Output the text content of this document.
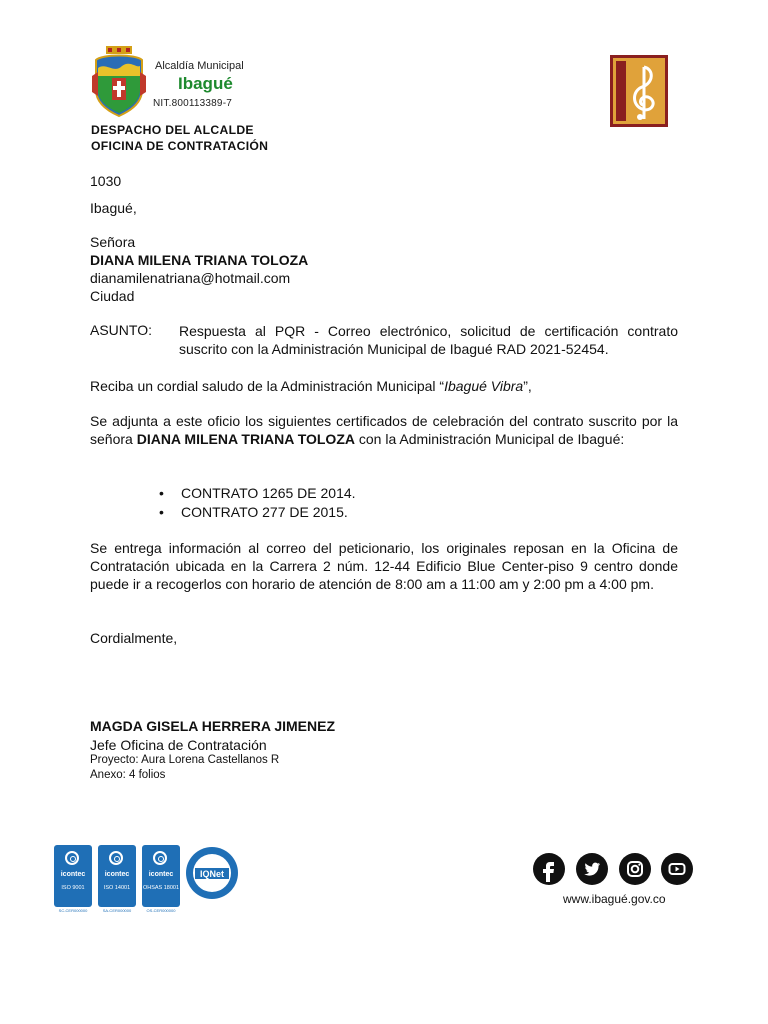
Alcaldía Municipal
Ibagué
NIT.800113389-7
DESPACHO DEL ALCALDE
OFICINA DE CONTRATACIÓN
1030
Ibagué,
Señora
DIANA MILENA TRIANA TOLOZA
dianamilenatriana@hotmail.com
Ciudad
ASUNTO: Respuesta al PQR - Correo electrónico, solicitud de certificación contrato suscrito con la Administración Municipal de Ibagué RAD 2021-52454.
Reciba un cordial saludo de la Administración Municipal “Ibagué Vibra”,
Se adjunta a este oficio los siguientes certificados de celebración del contrato suscrito por la señora DIANA MILENA TRIANA TOLOZA con la Administración Municipal de Ibagué:
• CONTRATO 1265 DE 2014.
• CONTRATO 277 DE 2015.
Se entrega información al correo del peticionario, los originales reposan en la Oficina de Contratación ubicada en la Carrera 2 núm. 12-44 Edificio Blue Center-piso 9 centro donde puede ir a recogerlos con horario de atención de 8:00 am a 11:00 am y 2:00 pm a 4:00 pm.
Cordialmente,
MAGDA GISELA HERRERA JIMENEZ
Jefe Oficina de Contratación
Proyecto: Aura Lorena Castellanos R
Anexo: 4 folios
icontec
ISO 9001
SC-CER000000
icontec
ISO 14001
SA-CER000000
icontec
OHSAS 18001
OS-CER000000
IQNet
www.ibagué.gov.co
